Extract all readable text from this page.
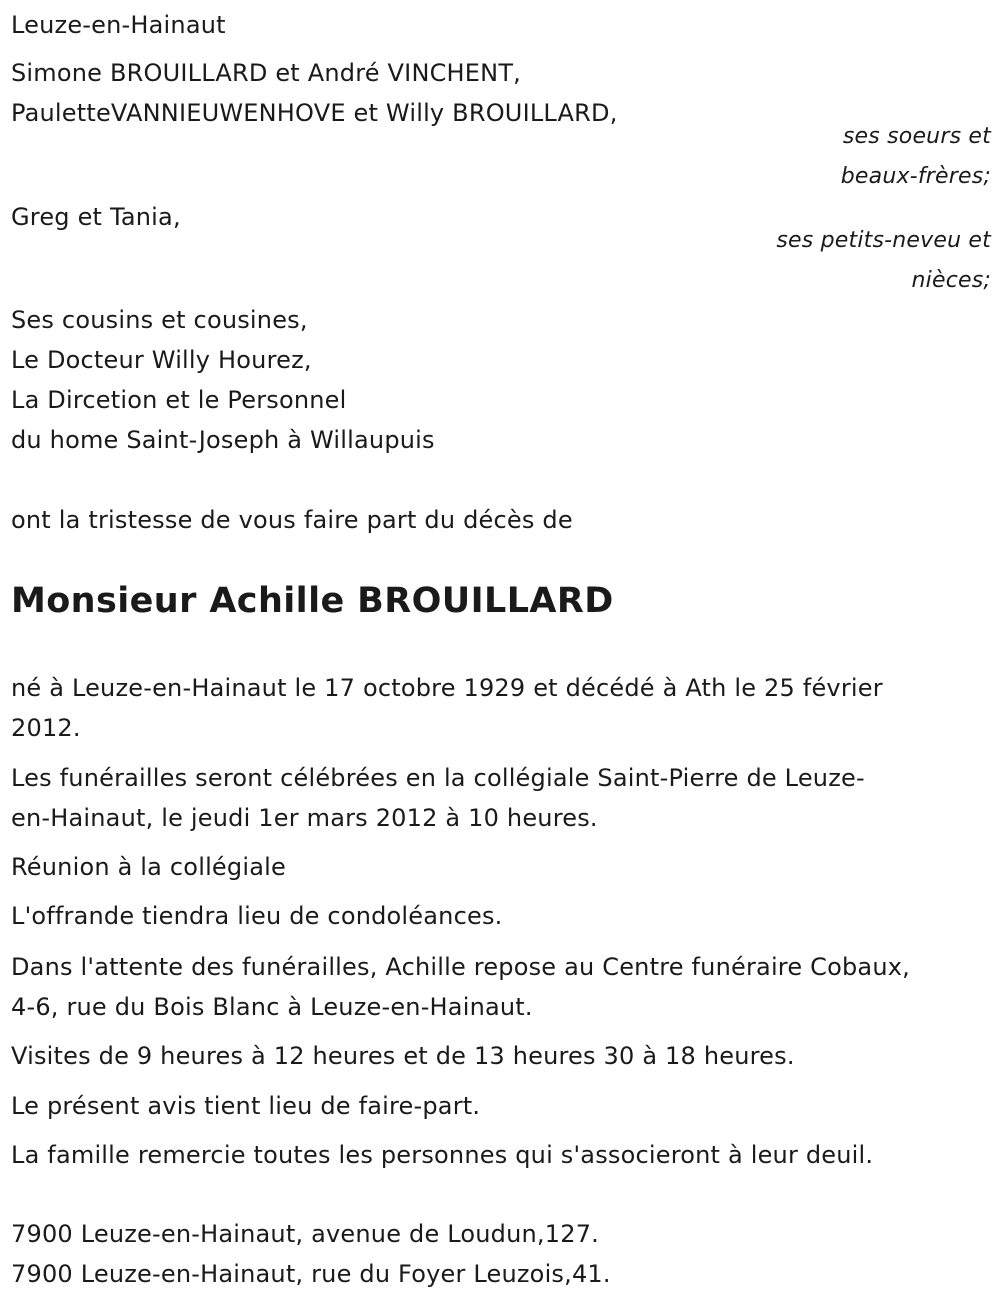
Leuze-en-Hainaut
Simone BROUILLARD et André VINCHENT,
PauletteVANNIEUWENHOVE et Willy BROUILLARD,
ses soeurs et
beaux-frères;
Greg et Tania,
ses petits-neveu et
nièces;
Ses cousins et cousines,
Le Docteur Willy Hourez,
La Dircetion et le Personnel
du home Saint-Joseph à Willaupuis
ont la tristesse de vous faire part du décès de
Monsieur Achille BROUILLARD
né à Leuze-en-Hainaut le 17 octobre 1929 et décédé à Ath le 25 février
2012.
Les funérailles seront célébrées en la collégiale Saint-Pierre de Leuze-
en-Hainaut, le jeudi 1er mars 2012 à 10 heures.
Réunion à la collégiale
L'offrande tiendra lieu de condoléances.
Dans l'attente des funérailles, Achille repose au Centre funéraire Cobaux,
4-6, rue du Bois Blanc à Leuze-en-Hainaut.
Visites de 9 heures à 12 heures et de 13 heures 30 à 18 heures.
Le présent avis tient lieu de faire-part.
La famille remercie toutes les personnes qui s'associeront à leur deuil.
7900 Leuze-en-Hainaut, avenue de Loudun,127.
7900 Leuze-en-Hainaut, rue du Foyer Leuzois,41.
